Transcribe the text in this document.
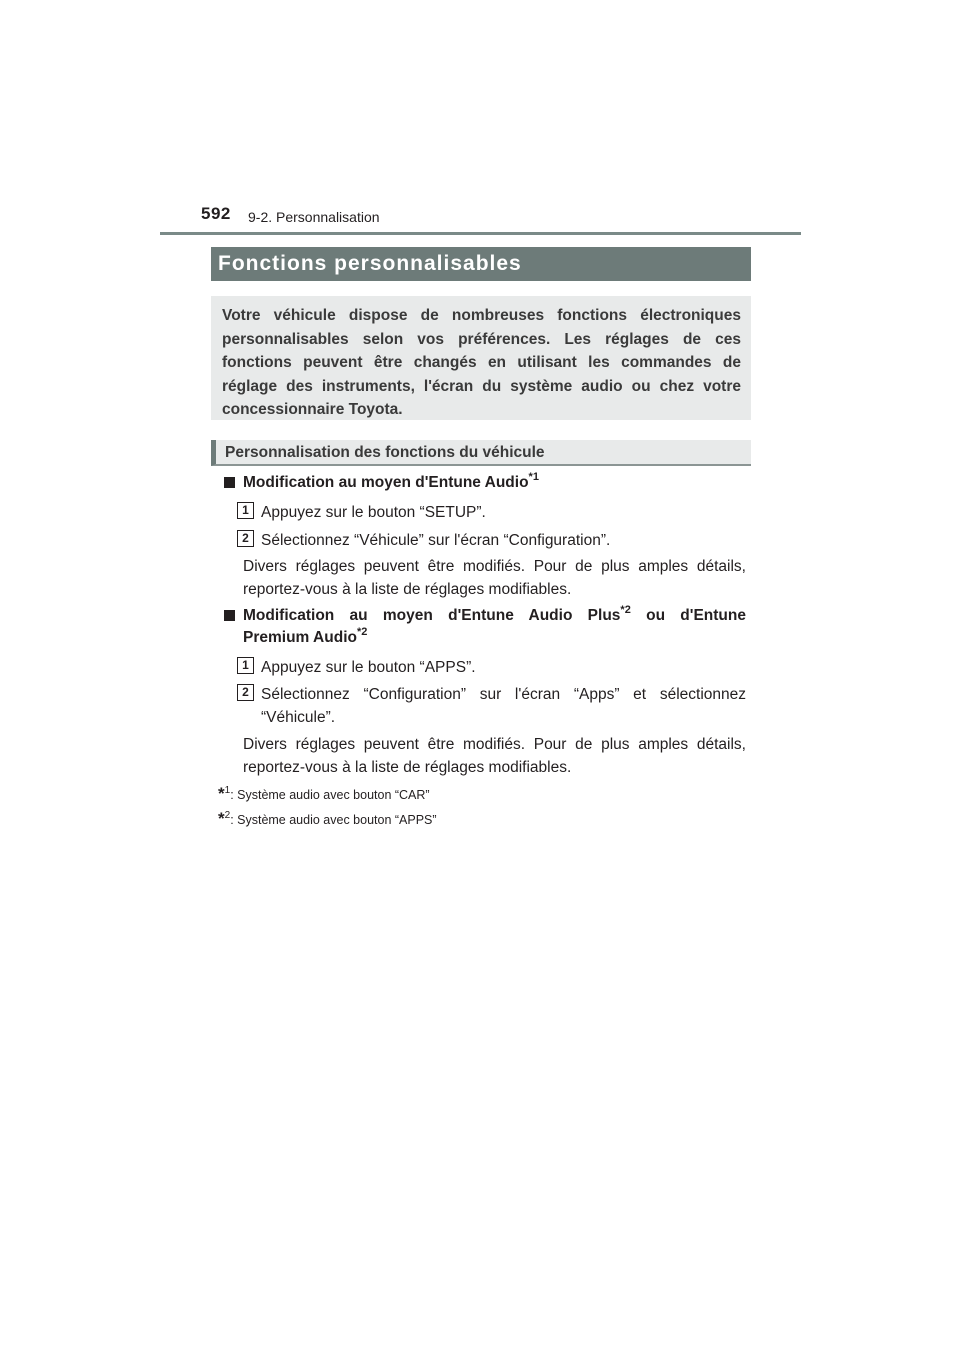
592 9-2. Personnalisation
Fonctions personnalisables
Votre véhicule dispose de nombreuses fonctions électroniques personnalisables selon vos préférences. Les réglages de ces fonctions peuvent être changés en utilisant les commandes de réglage des instruments, l'écran du système audio ou chez votre concessionnaire Toyota.
Personnalisation des fonctions du véhicule
Modification au moyen d'Entune Audio$^{*1}$
1 Appuyez sur le bouton “SETUP”.
2 Sélectionnez “Véhicule” sur l'écran “Configuration”.
Divers réglages peuvent être modifiés. Pour de plus amples détails, reportez-vous à la liste de réglages modifiables.
Modification au moyen d'Entune Audio Plus$^{*2}$ ou d'Entune
Premium Audio$^{*2}$
1 Appuyez sur le bouton “APPS”.
2 Sélectionnez “Configuration” sur l'écran “Apps” et sélectionnez “Véhicule”.
Divers réglages peuvent être modifiés. Pour de plus amples détails, reportez-vous à la liste de réglages modifiables.
*$^1$: Système audio avec bouton “CAR”
*$^2$: Système audio avec bouton “APPS”
